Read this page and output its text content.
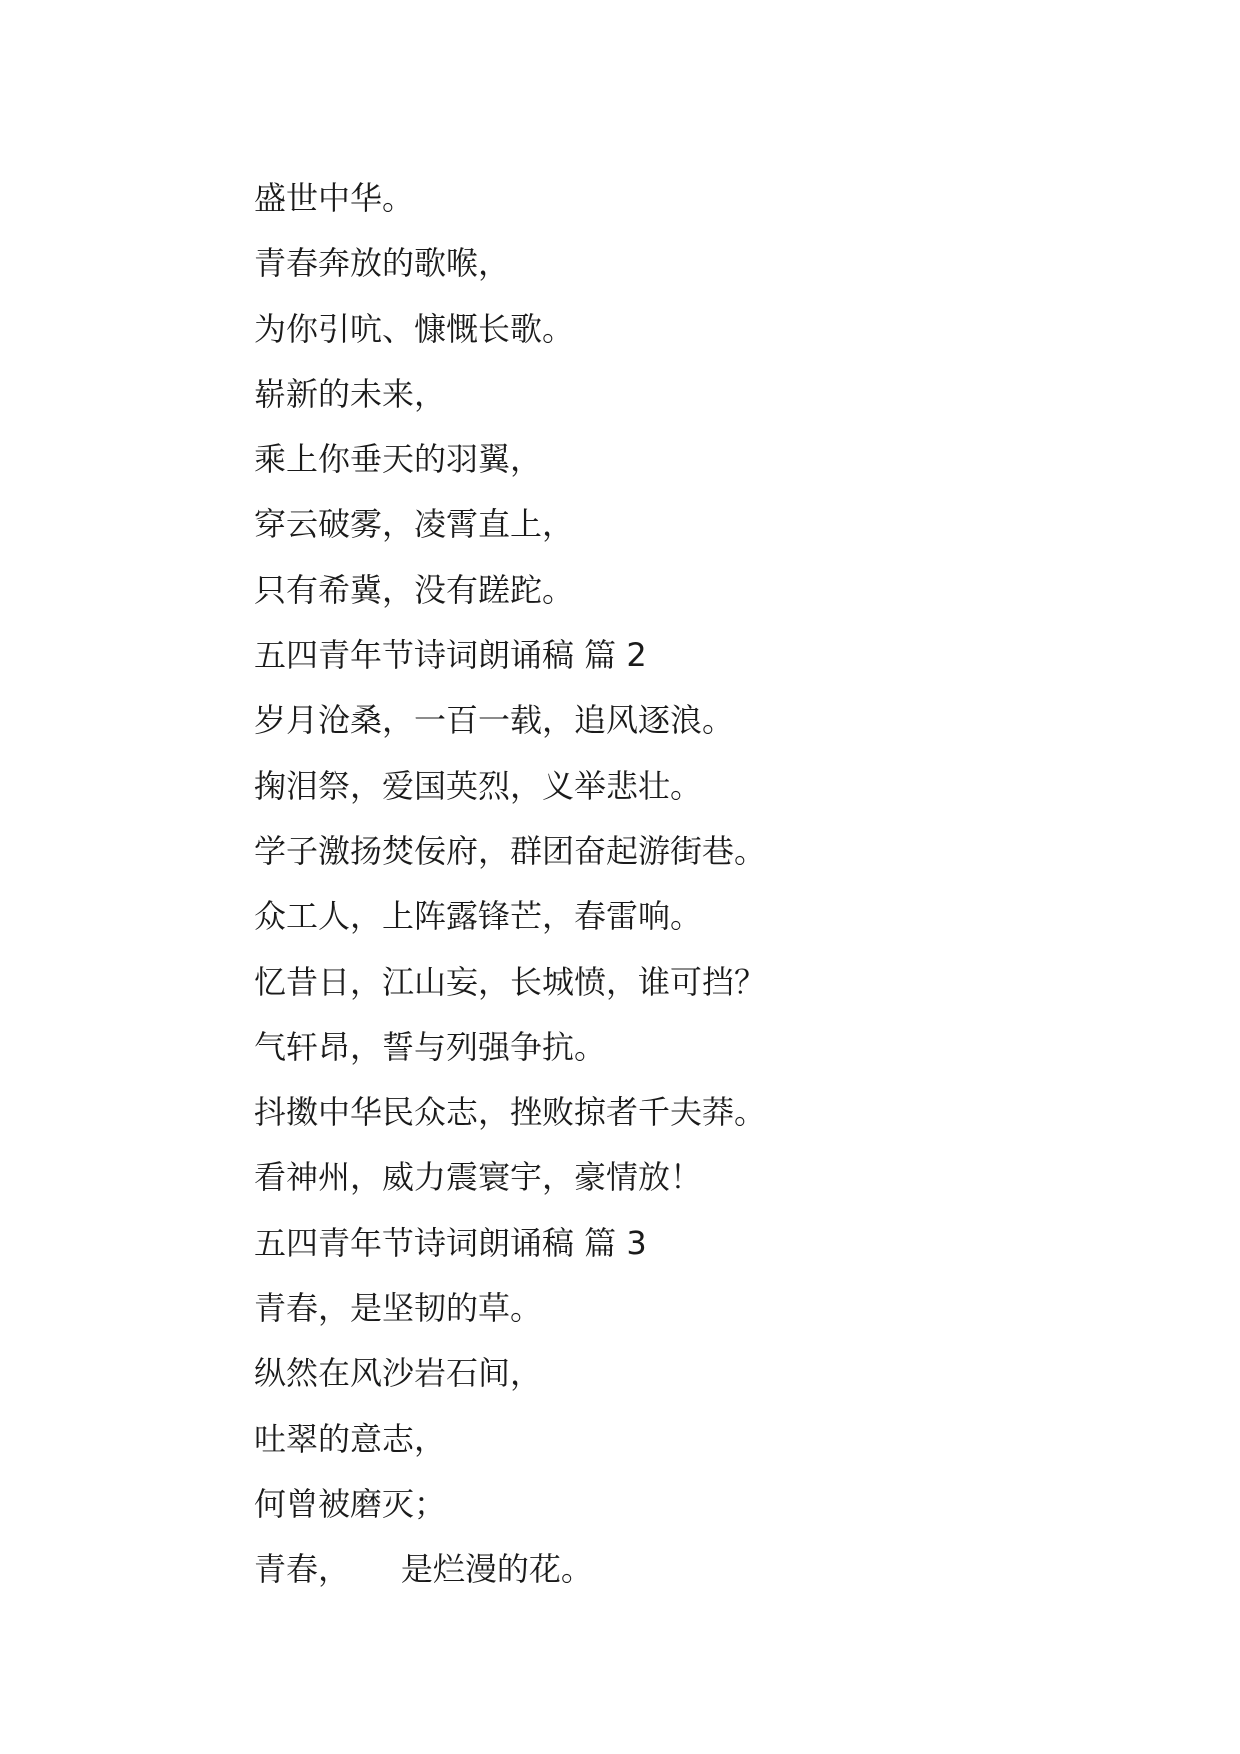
盛世中华。
青春奔放的歌喉，
为你引吭、慷慨长歌。
崭新的未来，
乘上你垂天的羽翼，
穿云破雾，凌霄直上，
只有希冀，没有蹉跎。
五四青年节诗词朗诵稿 篇 2
岁月沧桑，一百一载，追风逐浪。
掬泪祭，爱国英烈，义举悲壮。
学子激扬焚佞府，群团奋起游街巷。
众工人，上阵露锋芒，春雷响。
忆昔日，江山妄，长城愤，谁可挡？
气轩昂，誓与列强争抗。
抖擞中华民众志，挫败掠者千夫莽。
看神州，威力震寰宇，豪情放！
五四青年节诗词朗诵稿 篇 3
青春，是坚韧的草。
纵然在风沙岩石间，
吐翠的意志，
何曾被磨灭；
青春，     是烂漫的花。
